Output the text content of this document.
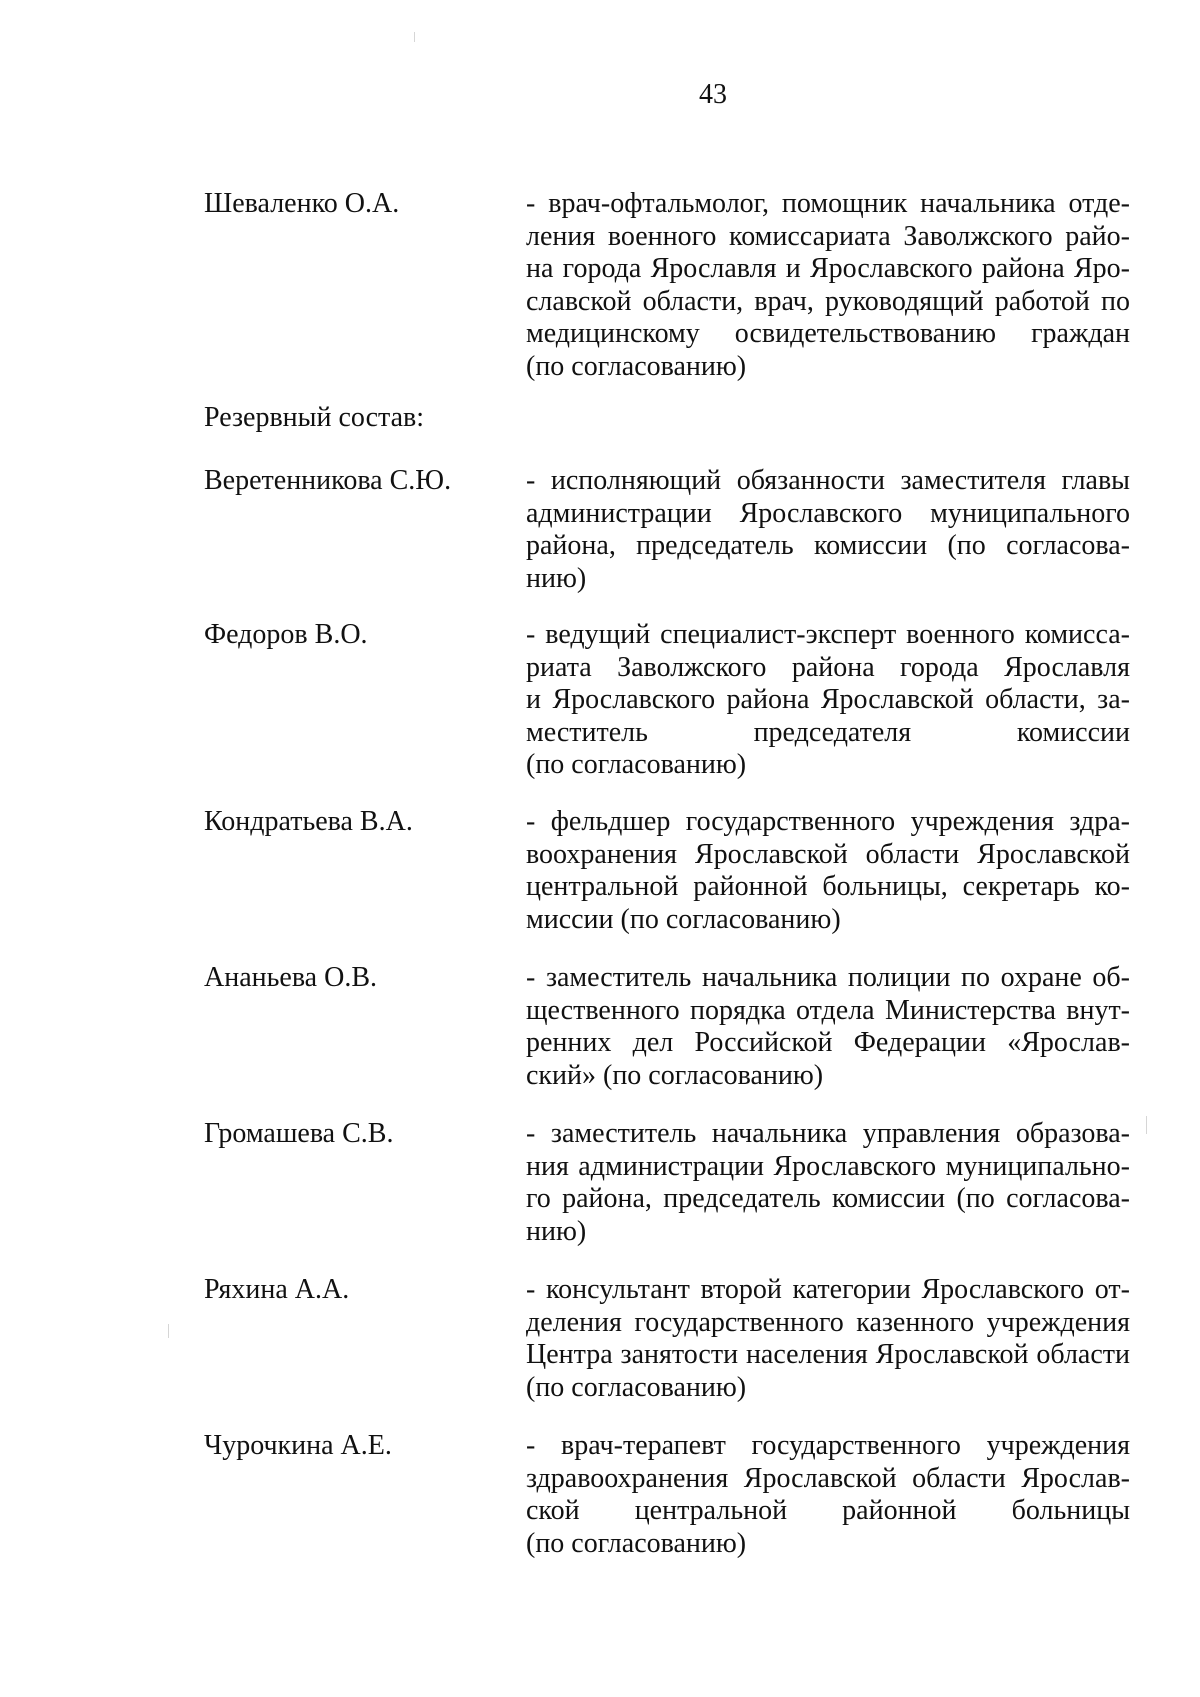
43
Шеваленко О.А.	- врач-офтальмолог, помощник начальника отде-
ления военного комиссариата Заволжского райо-
на города Ярославля и Ярославского района Яро-
славской области, врач, руководящий работой по
медицинскому освидетельствованию граждан
(по согласованию)
Резервный состав:
Веретенникова С.Ю.	- исполняющий обязанности заместителя главы
администрации Ярославского муниципального
района, председатель комиссии (по согласова-
нию)
Федоров В.О.	- ведущий специалист-эксперт военного комисса-
риата Заволжского района города Ярославля
и Ярославского района Ярославской области, за-
меститель председателя комиссии
(по согласованию)
Кондратьева В.А.	- фельдшер государственного учреждения здра-
воохранения Ярославской области Ярославской
центральной районной больницы, секретарь ко-
миссии (по согласованию)
Ананьева О.В.	- заместитель начальника полиции по охране об-
щественного порядка отдела Министерства внут-
ренних дел Российской Федерации «Ярослав-
ский» (по согласованию)
Громашева С.В.	- заместитель начальника управления образова-
ния администрации Ярославского муниципально-
го района, председатель комиссии (по согласова-
нию)
Ряхина А.А.	- консультант второй категории Ярославского от-
деления государственного казенного учреждения
Центра занятости населения Ярославской области
(по согласованию)
Чурочкина А.Е.	- врач-терапевт государственного учреждения
здравоохранения Ярославской области Ярослав-
ской центральной районной больницы
(по согласованию)
